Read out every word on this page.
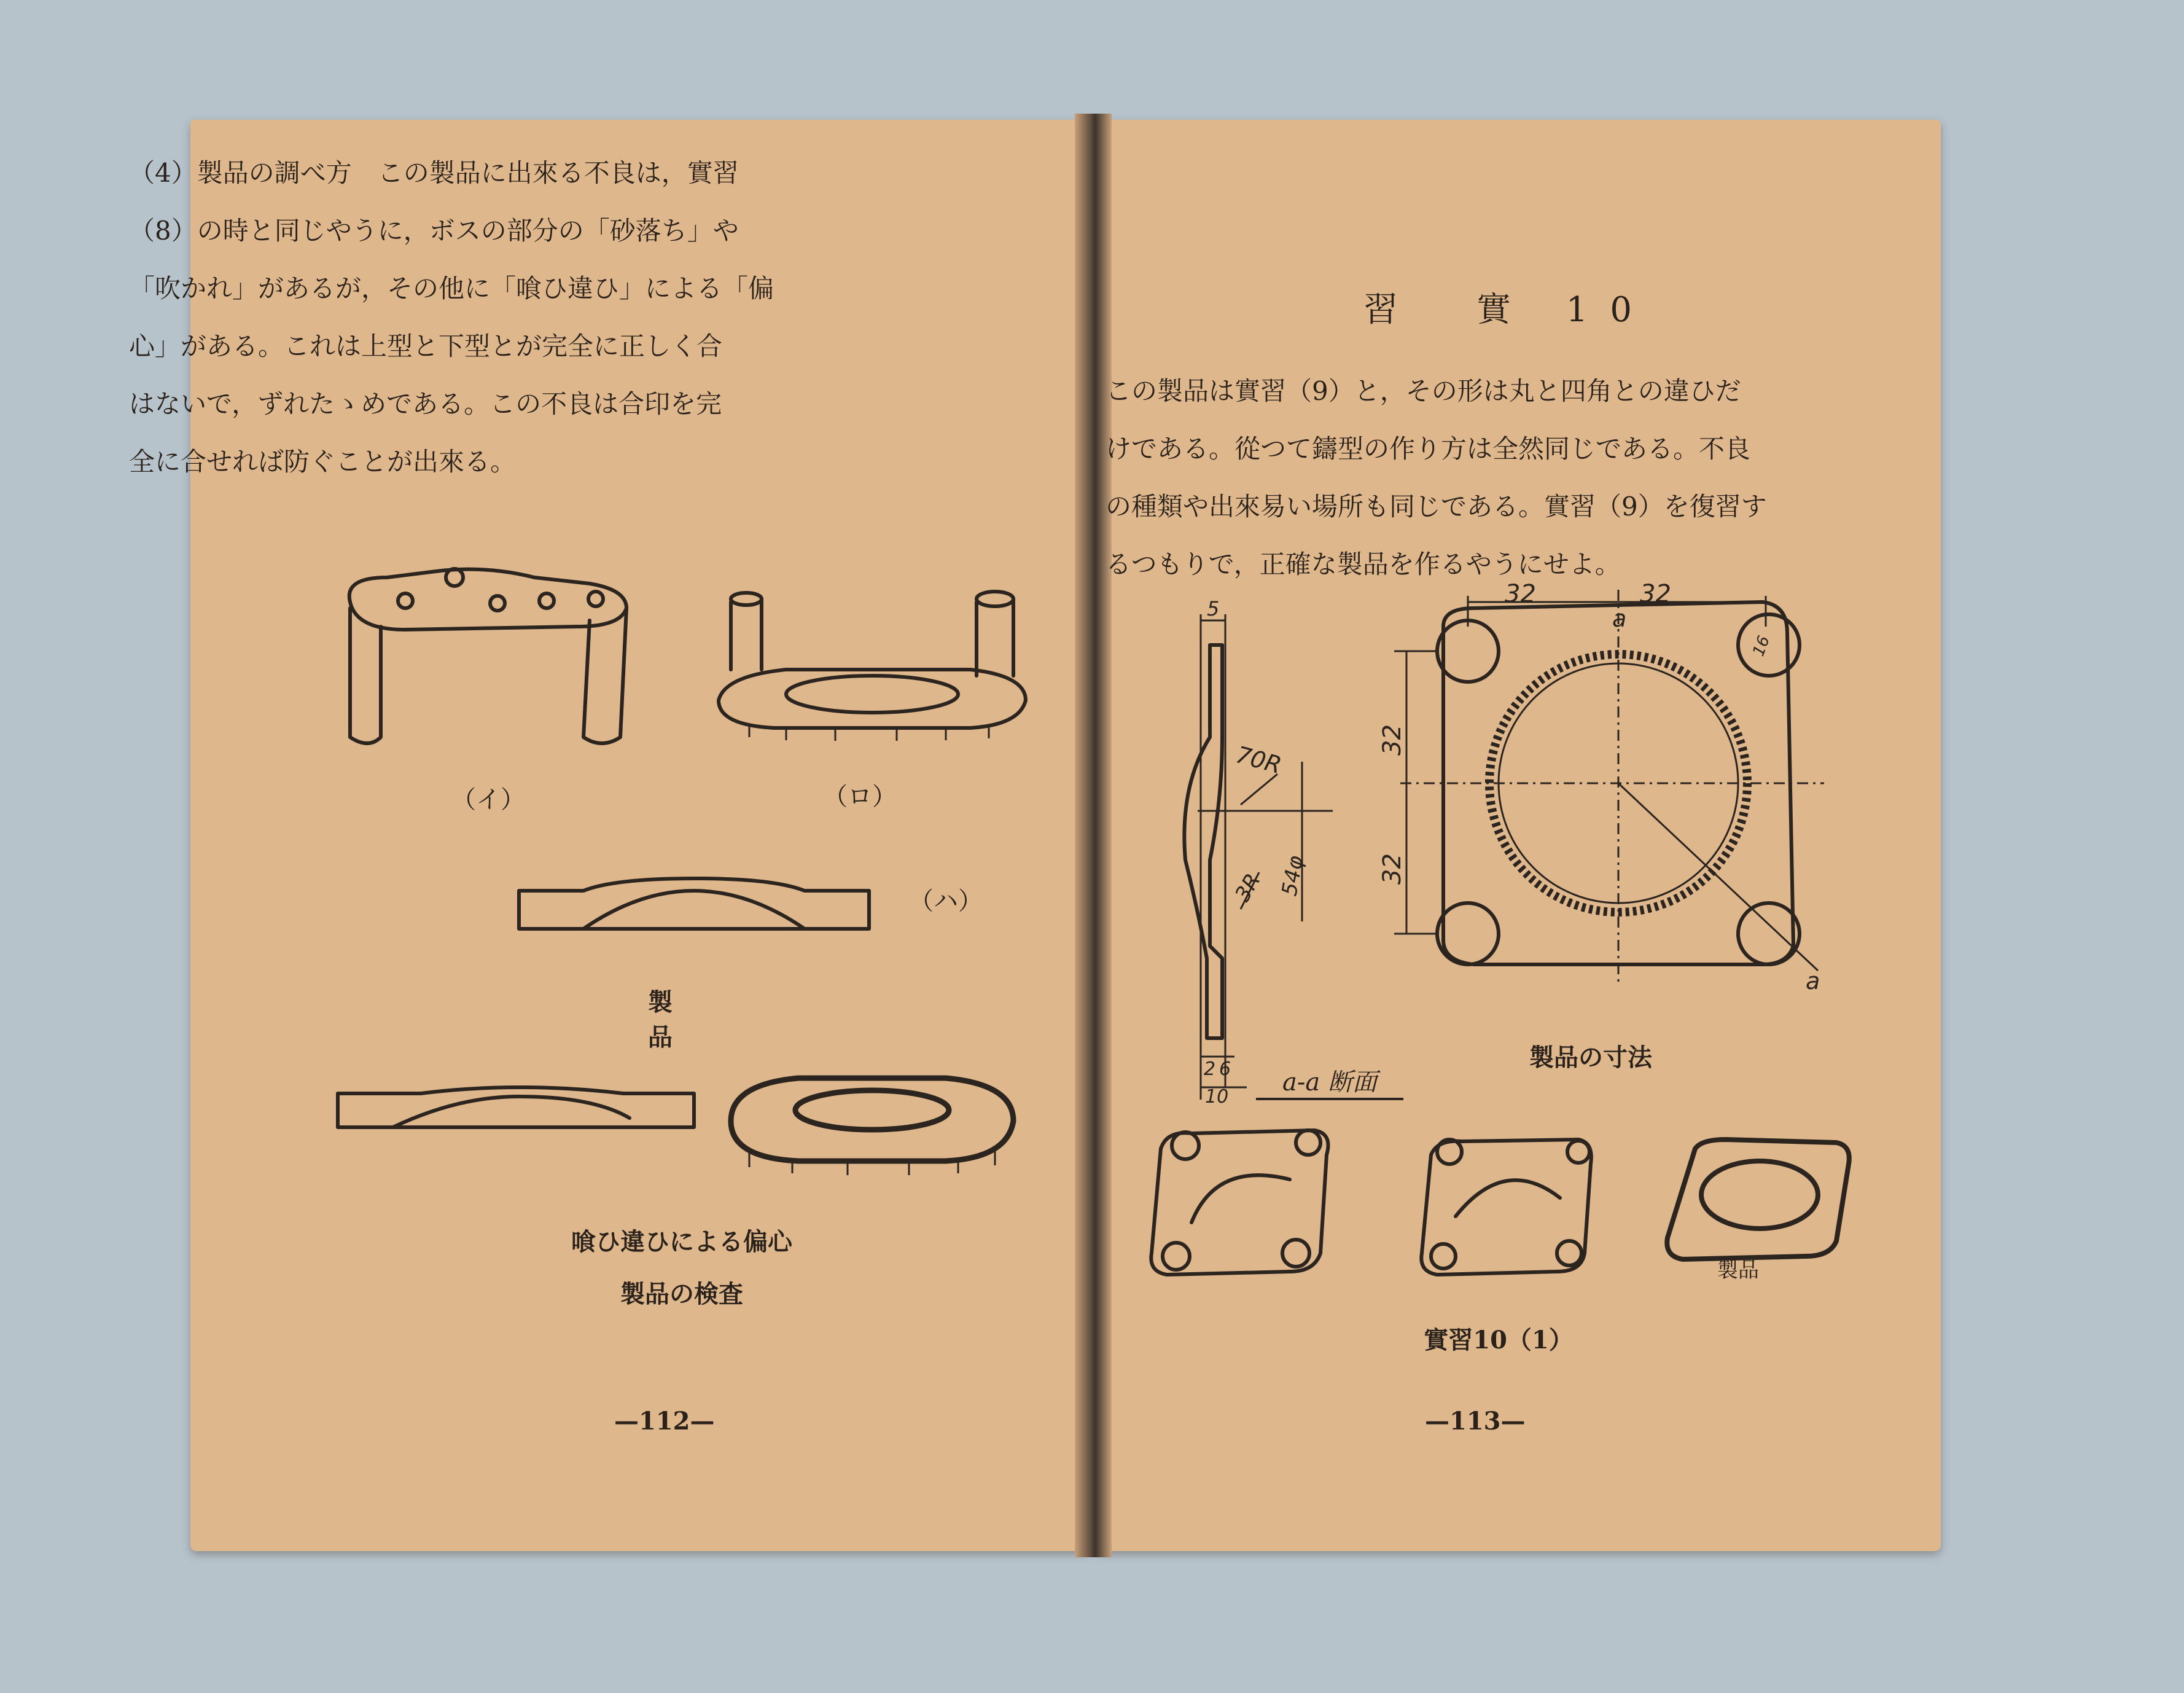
（4）製品の調べ方　この製品に出來る不良は，實習
（8）の時と同じやうに，ボスの部分の「砂落ち」や
「吹かれ」があるが，その他に「喰ひ違ひ」による「偏
心」がある。これは上型と下型とが完全に正しく合
はないで，ずれたゝめである。この不良は合印を完
全に合せれば防ぐことが出來る。
（イ）	（ロ）
（ハ）
製　品
喰ひ違ひによる偏心
製品の検査
—112—
習　實 10
この製品は實習（9）と，その形は丸と四角との違ひだ
けである。從つて鑄型の作り方は全然同じである。不良
の種類や出來易い場所も同じである。實習（9）を復習す
るつもりで，正確な製品を作るやうにせよ。
5
70R
3R 54φ
2 6
10
a-a 断面
32	32
32
32
a
a
16
製品の寸法
製品
實習10（1）
—113—
